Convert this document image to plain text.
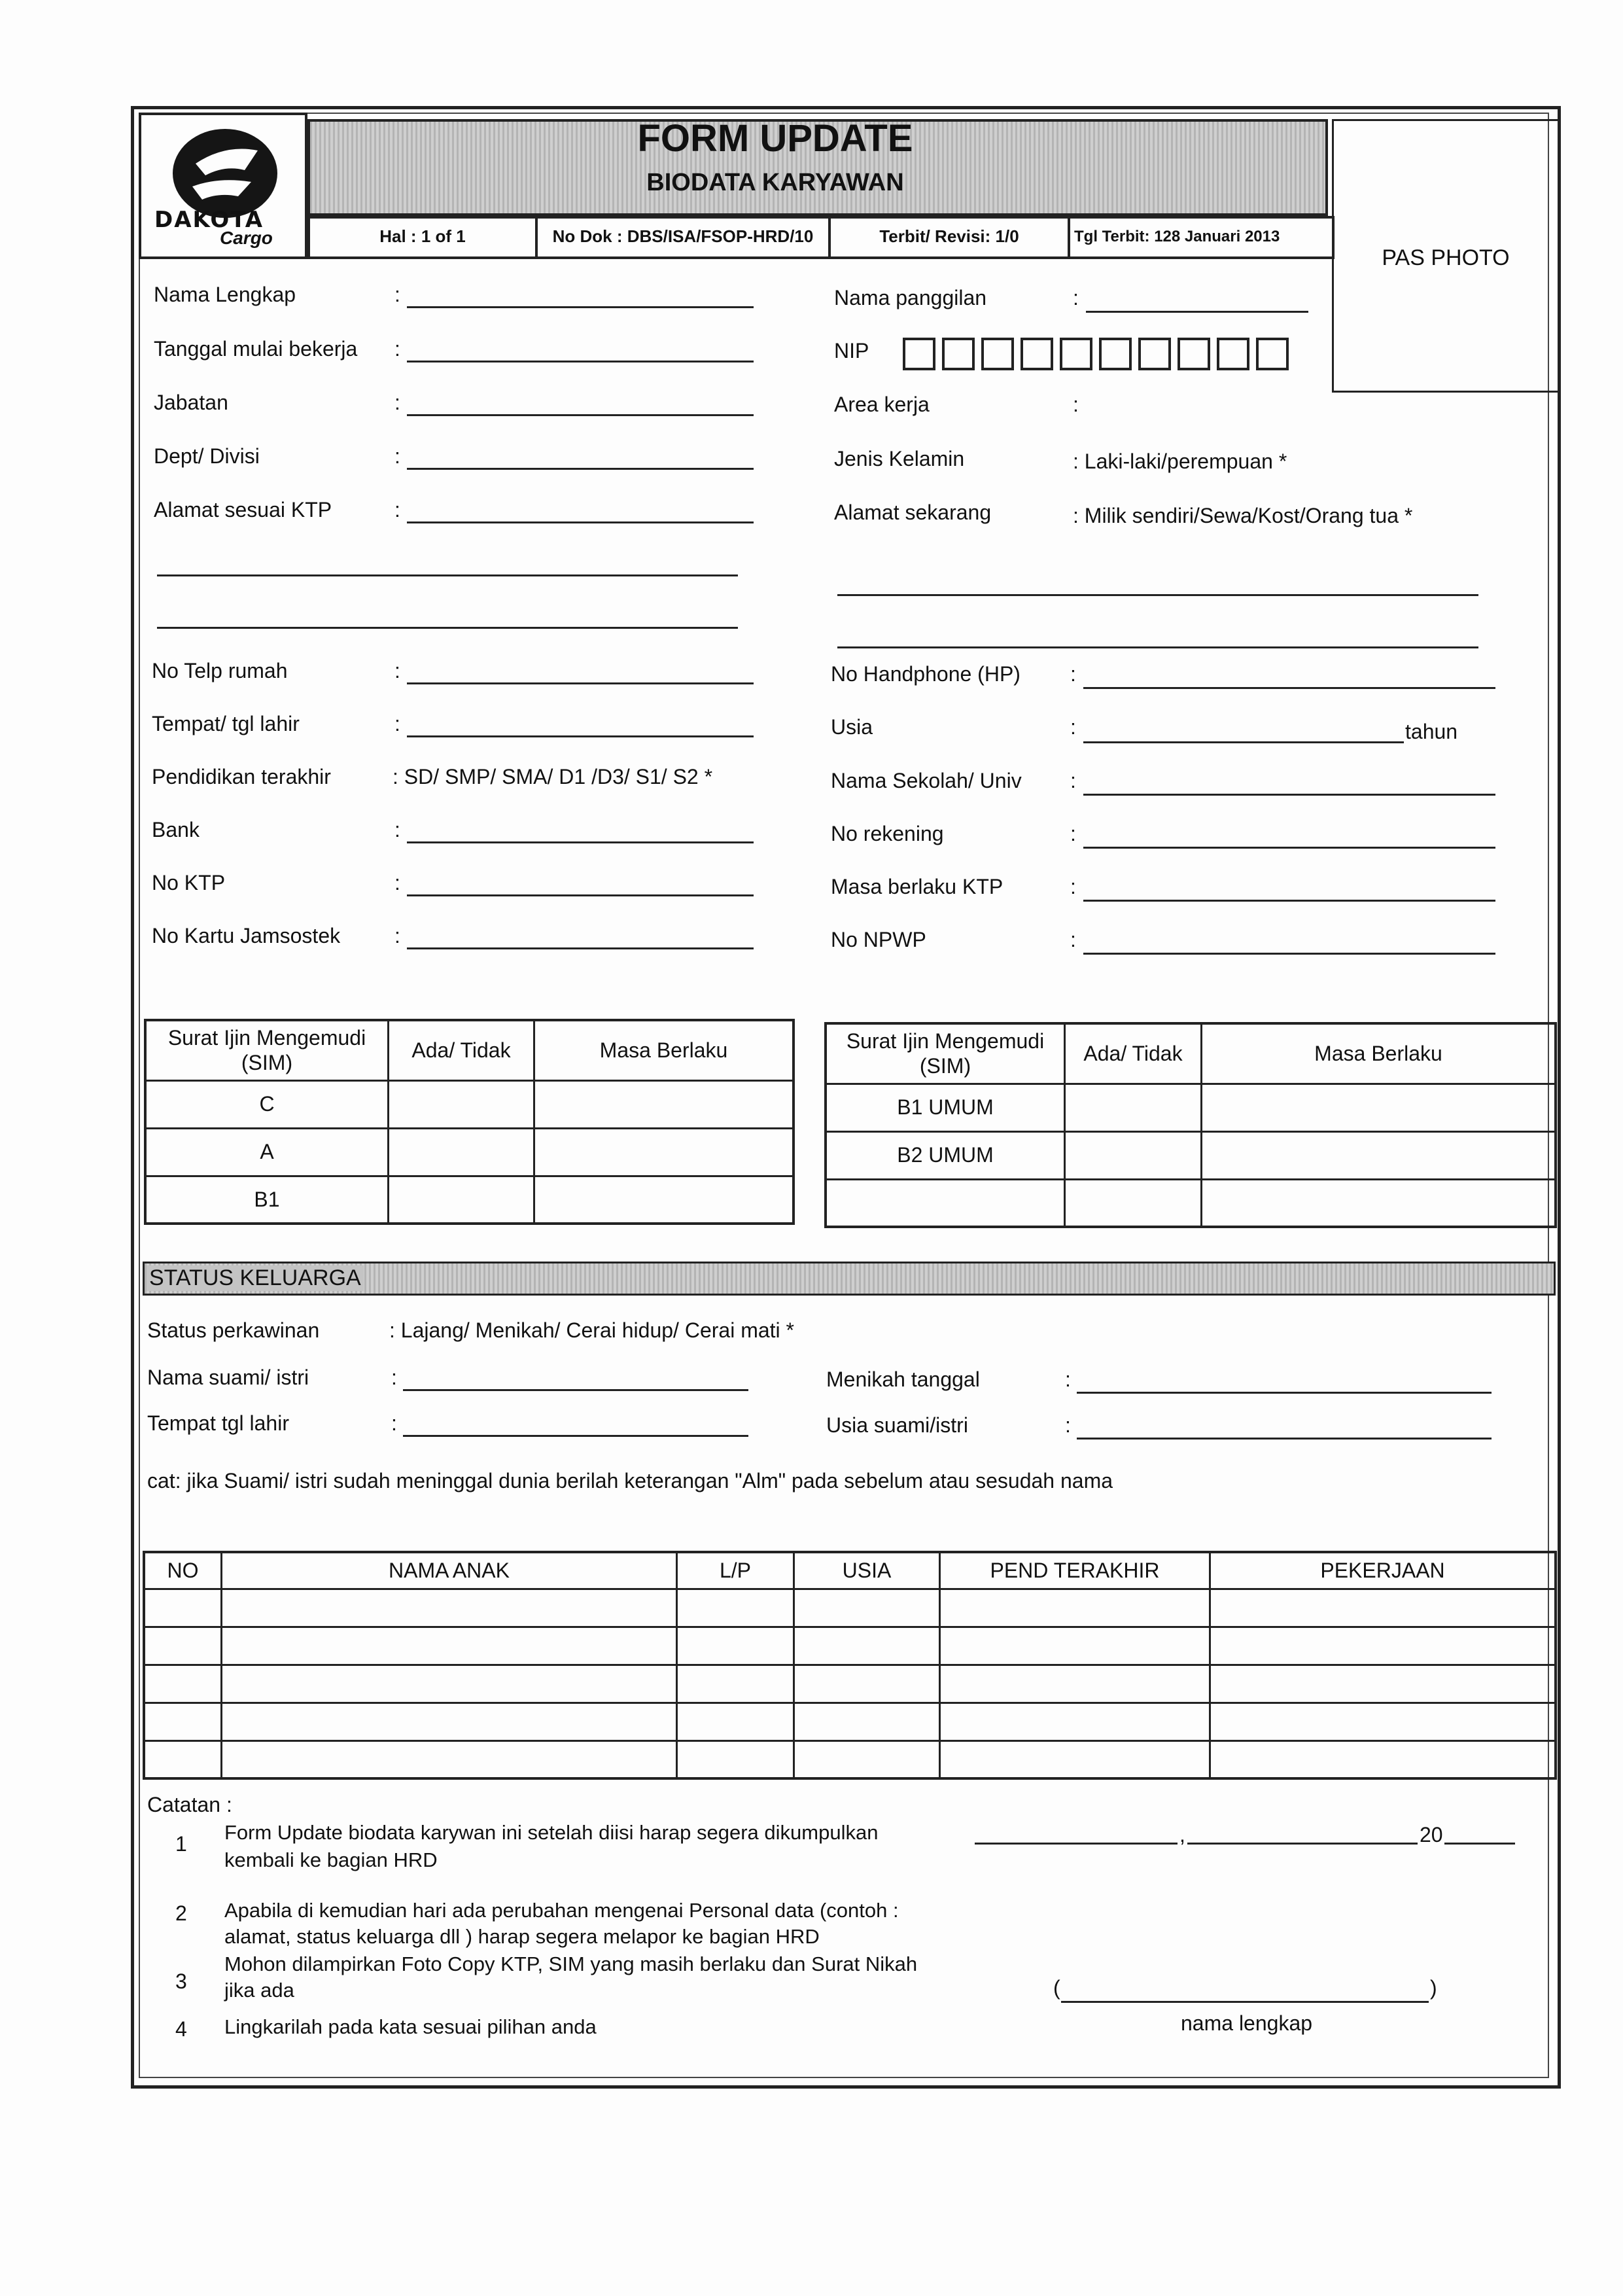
DAKOTA
Cargo
FORM UPDATE
BIODATA KARYAWAN
Hal : 1 of 1	No Dok : DBS/ISA/FSOP-HRD/10	Terbit/ Revisi: 1/0	Tgl Terbit: 128 Januari 2013
PAS PHOTO
Nama Lengkap	:
Tanggal mulai bekerja :
Jabatan	:
Dept/ Divisi	:
Alamat sesuai KTP	:
Nama panggilan	:
NIP
Area kerja	:
Jenis Kelamin	: Laki-laki/perempuan *
Alamat sekarang	: Milik sendiri/Sewa/Kost/Orang tua *
No Telp rumah	:
Tempat/ tgl lahir	:
Pendidikan terakhir	: SD/ SMP/ SMA/ D1 /D3/ S1/ S2 *
Bank	:
No KTP	:
No Kartu Jamsostek	:
No Handphone (HP) :
Usia	:	tahun
Nama Sekolah/ Univ :
No rekening	:
Masa berlaku KTP	:
No NPWP	:
Surat Ijin Mengemudi (SIM)	Ada/ Tidak	Masa Berlaku
C		
A		
B1		
Surat Ijin Mengemudi (SIM)	Ada/ Tidak	Masa Berlaku
B1 UMUM		
B2 UMUM		

STATUS KELUARGA
Status perkawinan	: Lajang/ Menikah/ Cerai hidup/ Cerai mati *
Nama suami/ istri	:
Tempat tgl lahir	:
Menikah tanggal	:
Usia suami/istri	:
cat: jika Suami/ istri sudah meninggal dunia berilah keterangan "Alm" pada sebelum atau sesudah nama
NO	NAMA ANAK	L/P	USIA	PEND TERAKHIR	PEKERJAAN

Catatan :
1 Form Update biodata karywan ini setelah diisi harap segera dikumpulkan kembali ke bagian HRD
2 Apabila di kemudian hari ada perubahan mengenai Personal data (contoh : alamat, status keluarga dll ) harap segera melapor ke bagian HRD
3
Mohon dilampirkan Foto Copy KTP, SIM yang masih berlaku dan Surat Nikah jika ada
4 Lingkarilah pada kata sesuai pilihan anda
,	20
(	)
nama lengkap
